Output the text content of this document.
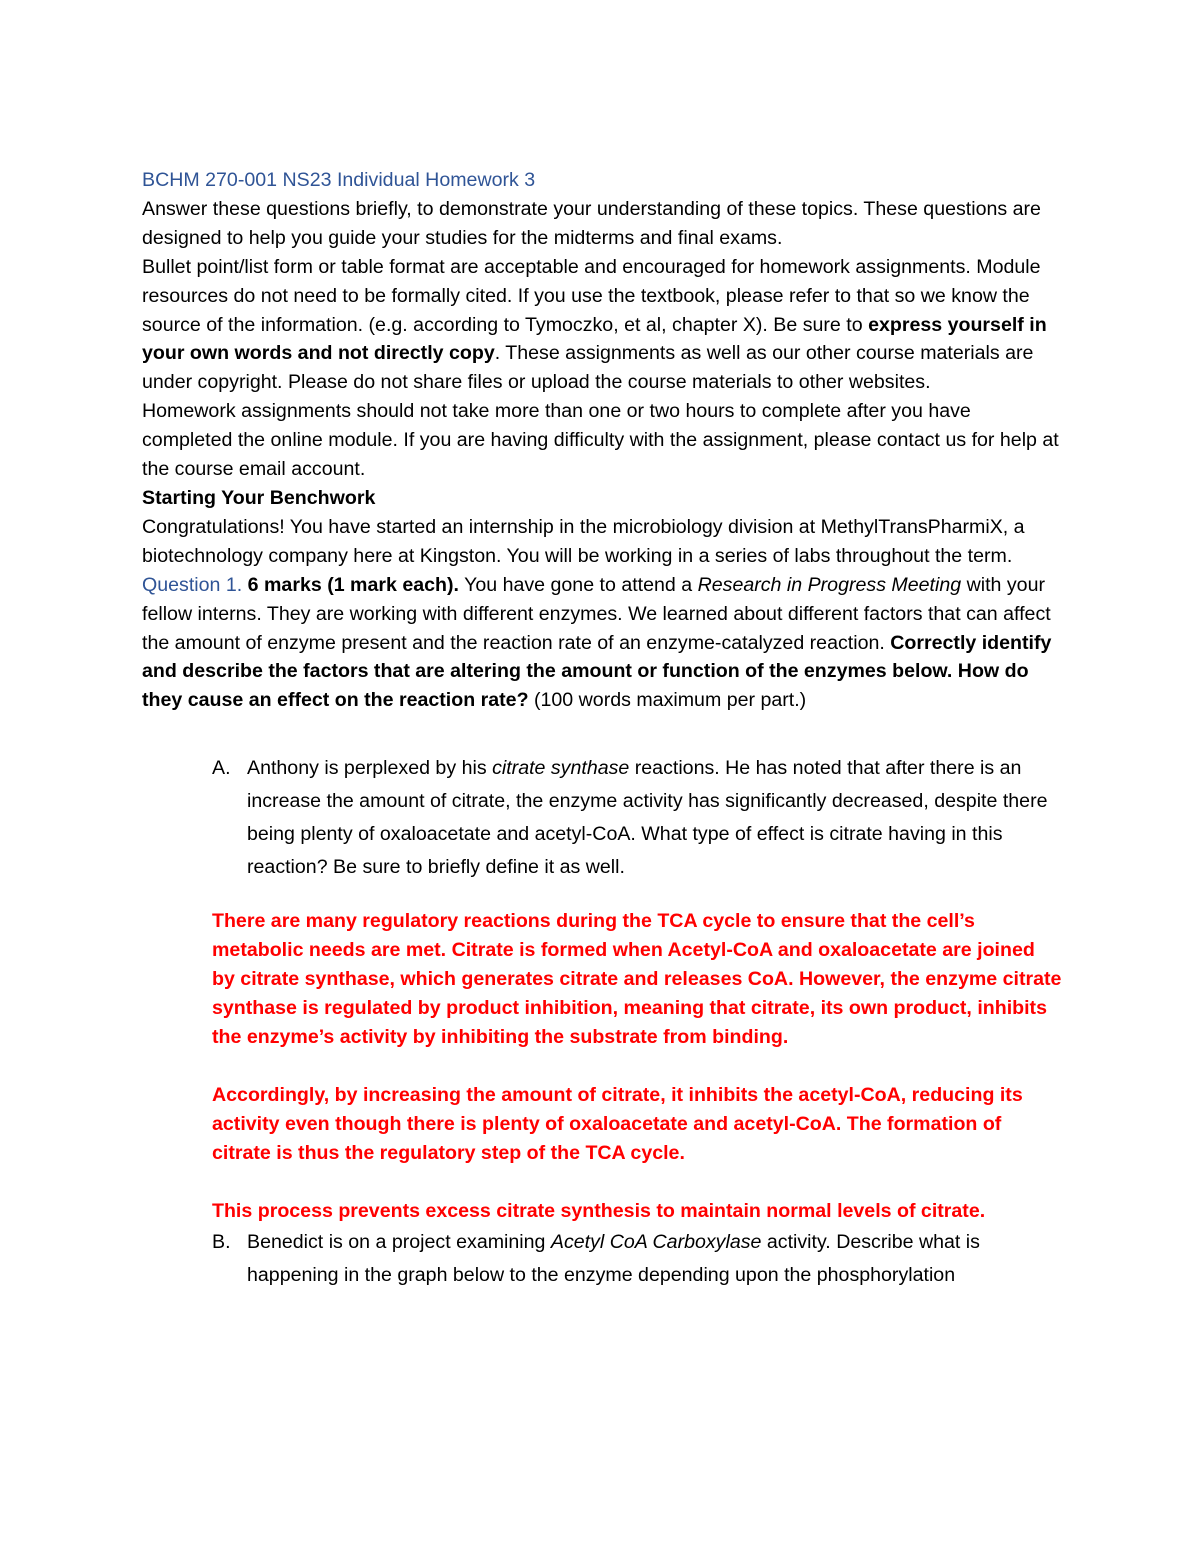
BCHM 270-001 NS23 Individual Homework 3

Answer these questions briefly, to demonstrate your understanding of these topics. These questions are designed to help you guide your studies for the midterms and final exams.

Bullet point/list form or table format are acceptable and encouraged for homework assignments. Module resources do not need to be formally cited. If you use the textbook, please refer to that so we know the source of the information. (e.g. according to Tymoczko, et al, chapter X). Be sure to express yourself in your own words and not directly copy. These assignments as well as our other course materials are under copyright. Please do not share files or upload the course materials to other websites.

Homework assignments should not take more than one or two hours to complete after you have completed the online module. If you are having difficulty with the assignment, please contact us for help at the course email account.

Starting Your Benchwork

Congratulations! You have started an internship in the microbiology division at MethylTransPharmiX, a biotechnology company here at Kingston. You will be working in a series of labs throughout the term.

Question 1. 6 marks (1 mark each). You have gone to attend a Research in Progress Meeting with your fellow interns. They are working with different enzymes. We learned about different factors that can affect the amount of enzyme present and the reaction rate of an enzyme-catalyzed reaction. Correctly identify and describe the factors that are altering the amount or function of the enzymes below. How do they cause an effect on the reaction rate? (100 words maximum per part.)

A. Anthony is perplexed by his citrate synthase reactions. He has noted that after there is an increase the amount of citrate, the enzyme activity has significantly decreased, despite there being plenty of oxaloacetate and acetyl-CoA. What type of effect is citrate having in this reaction? Be sure to briefly define it as well.

There are many regulatory reactions during the TCA cycle to ensure that the cell’s metabolic needs are met. Citrate is formed when Acetyl-CoA and oxaloacetate are joined by citrate synthase, which generates citrate and releases CoA. However, the enzyme citrate synthase is regulated by product inhibition, meaning that citrate, its own product, inhibits the enzyme’s activity by inhibiting the substrate from binding.

Accordingly, by increasing the amount of citrate, it inhibits the acetyl-CoA, reducing its activity even though there is plenty of oxaloacetate and acetyl-CoA. The formation of citrate is thus the regulatory step of the TCA cycle.

This process prevents excess citrate synthesis to maintain normal levels of citrate.

B. Benedict is on a project examining Acetyl CoA Carboxylase activity. Describe what is happening in the graph below to the enzyme depending upon the phosphorylation
